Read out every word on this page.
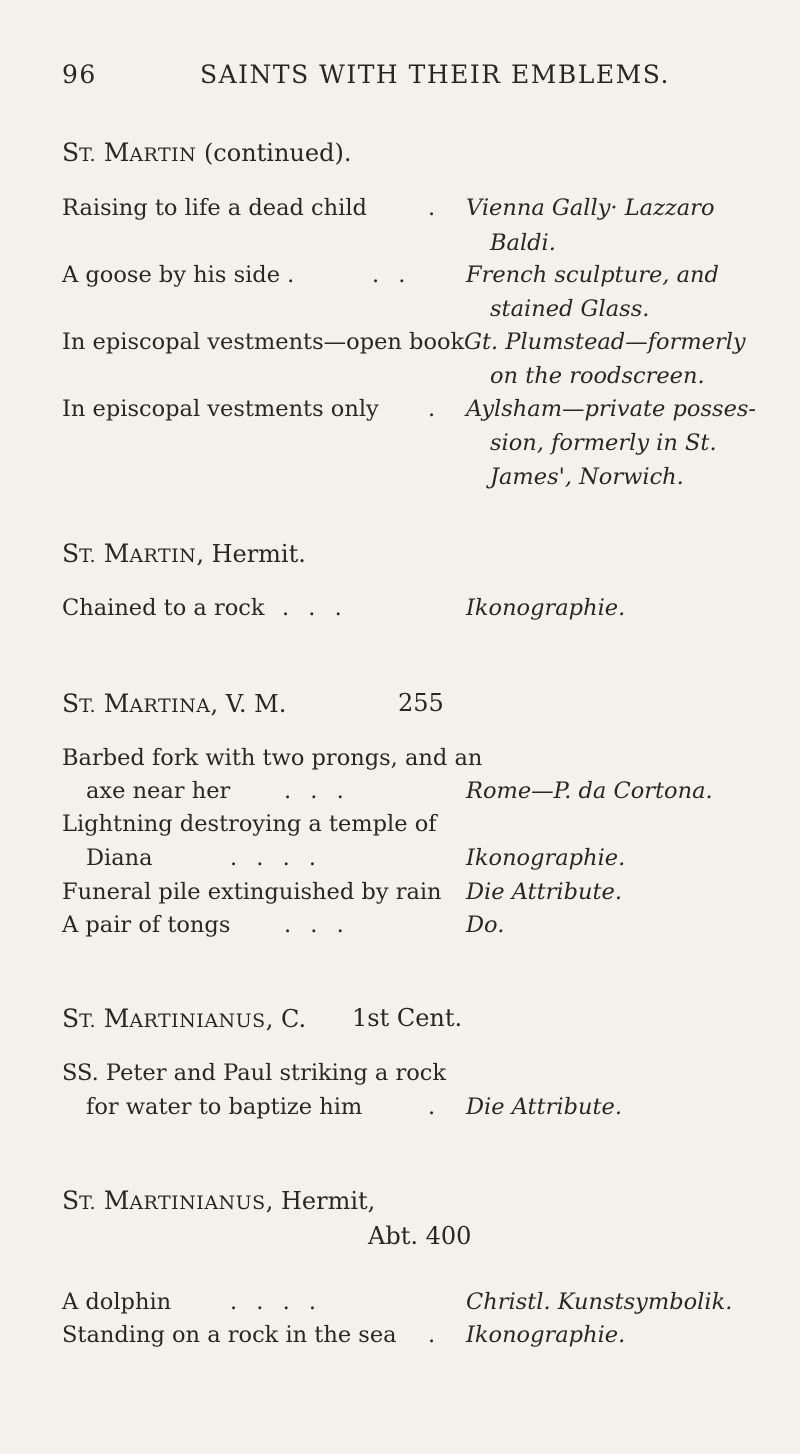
96	SAINTS WITH THEIR EMBLEMS.
ST. MARTIN (continued).
Raising to life a dead child	. Vienna Gally· Lazzaro
Baldi.
A goose by his side .	. . French sculpture, and
stained Glass.
In episcopal vestments—open book Gt. Plumstead—formerly
on the roodscreen.
In episcopal vestments only . Aylsham—private posses-
sion, formerly in St.
James', Norwich.
ST. MARTIN, Hermit.
Chained to a rock . . .	Ikonographie.
ST. MARTINA, V. M.	255
Barbed fork with two prongs, and an
axe near her . . .	Rome—P. da Cortona.
Lightning destroying a temple of
Diana	. . . .	Ikonographie.
Funeral pile extinguished by rain Die Attribute.
A pair of tongs . . .	Do.
ST. MARTINIANUS, C. 1st Cent.
SS. Peter and Paul striking a rock
for water to baptize him	. Die Attribute.
ST. MARTINIANUS, Hermit,
Abt. 400
A dolphin	. . . .	Christl. Kunstsymbolik.
Standing on a rock in the sea . Ikonographie.
